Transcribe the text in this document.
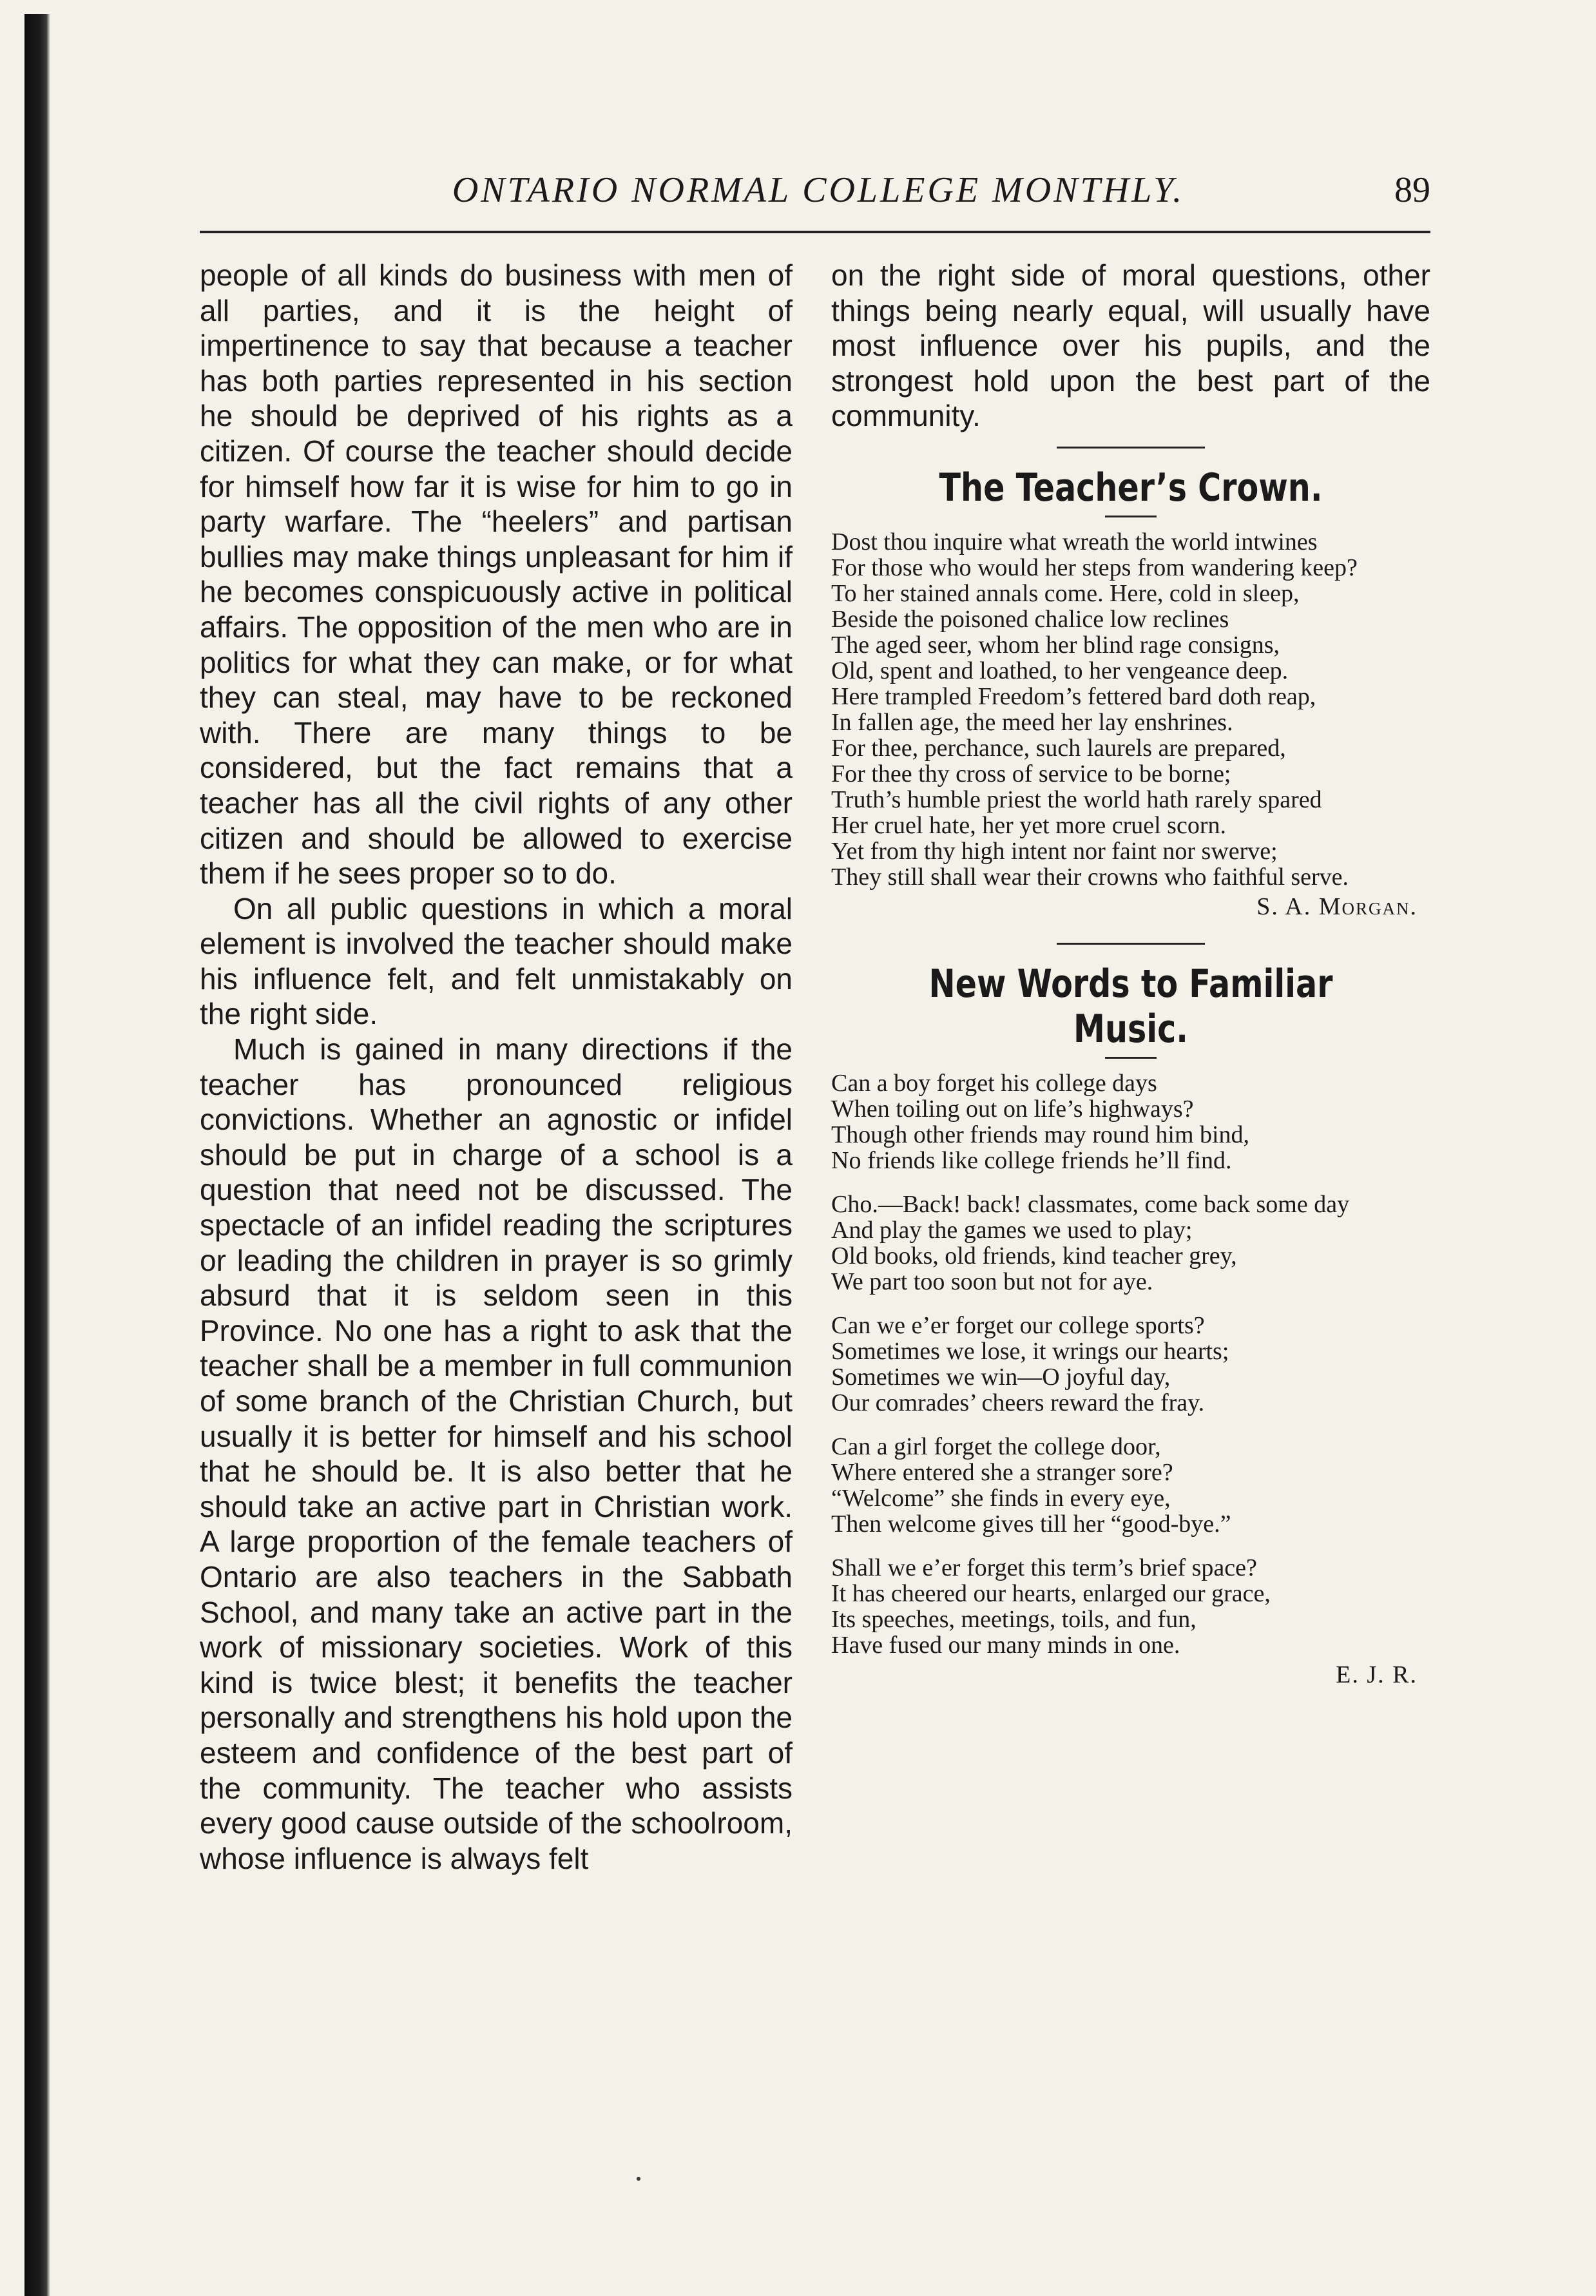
ONTARIO NORMAL COLLEGE MONTHLY.	89

people of all kinds do business with men of all parties, and it is the height of impertinence to say that because a teacher has both parties represented in his section he should be deprived of his rights as a citizen. Of course the teacher should decide for himself how far it is wise for him to go in party warfare. The “heelers” and partisan bullies may make things unpleasant for him if he becomes conspicuously active in political affairs. The opposition of the men who are in politics for what they can make, or for what they can steal, may have to be reckoned with. There are many things to be considered, but the fact remains that a teacher has all the civil rights of any other citizen and should be allowed to exercise them if he sees proper so to do.

On all public questions in which a moral element is involved the teacher should make his influence felt, and felt unmistakably on the right side.

Much is gained in many directions if the teacher has pronounced religious convictions. Whether an agnostic or infidel should be put in charge of a school is a question that need not be discussed. The spectacle of an infidel reading the scriptures or leading the children in prayer is so grimly absurd that it is seldom seen in this Province. No one has a right to ask that the teacher shall be a member in full communion of some branch of the Christian Church, but usually it is better for himself and his school that he should be. It is also better that he should take an active part in Christian work. A large proportion of the female teachers of Ontario are also teachers in the Sabbath School, and many take an active part in the work of missionary societies. Work of this kind is twice blest; it benefits the teacher personally and strengthens his hold upon the esteem and confidence of the best part of the community. The teacher who assists every good cause outside of the schoolroom, whose influence is always felt

on the right side of moral questions, other things being nearly equal, will usually have most influence over his pupils, and the strongest hold upon the best part of the community.

The Teacher’s Crown.
Dost thou inquire what wreath the world intwines
For those who would her steps from wandering keep?
To her stained annals come. Here, cold in sleep,
Beside the poisoned chalice low reclines
The aged seer, whom her blind rage consigns,
Old, spent and loathed, to her vengeance deep.
Here trampled Freedom’s fettered bard doth reap,
In fallen age, the meed her lay enshrines.
For thee, perchance, such laurels are prepared,
For thee thy cross of service to be borne;
Truth’s humble priest the world hath rarely spared
Her cruel hate, her yet more cruel scorn.
Yet from thy high intent nor faint nor swerve;
They still shall wear their crowns who faithful serve.
S. A. Morgan.
New Words to Familiar Music.
Can a boy forget his college days
When toiling out on life’s highways?
Though other friends may round him bind,
No friends like college friends he’ll find.
Cho.—Back! back! classmates, come back some day
And play the games we used to play;
Old books, old friends, kind teacher grey,
We part too soon but not for aye.
Can we e’er forget our college sports?
Sometimes we lose, it wrings our hearts;
Sometimes we win—O joyful day,
Our comrades’ cheers reward the fray.
Can a girl forget the college door,
Where entered she a stranger sore?
“Welcome” she finds in every eye,
Then welcome gives till her “good-bye.”
Shall we e’er forget this term’s brief space?
It has cheered our hearts, enlarged our grace,
Its speeches, meetings, toils, and fun,
Have fused our many minds in one.
E. J. R.
